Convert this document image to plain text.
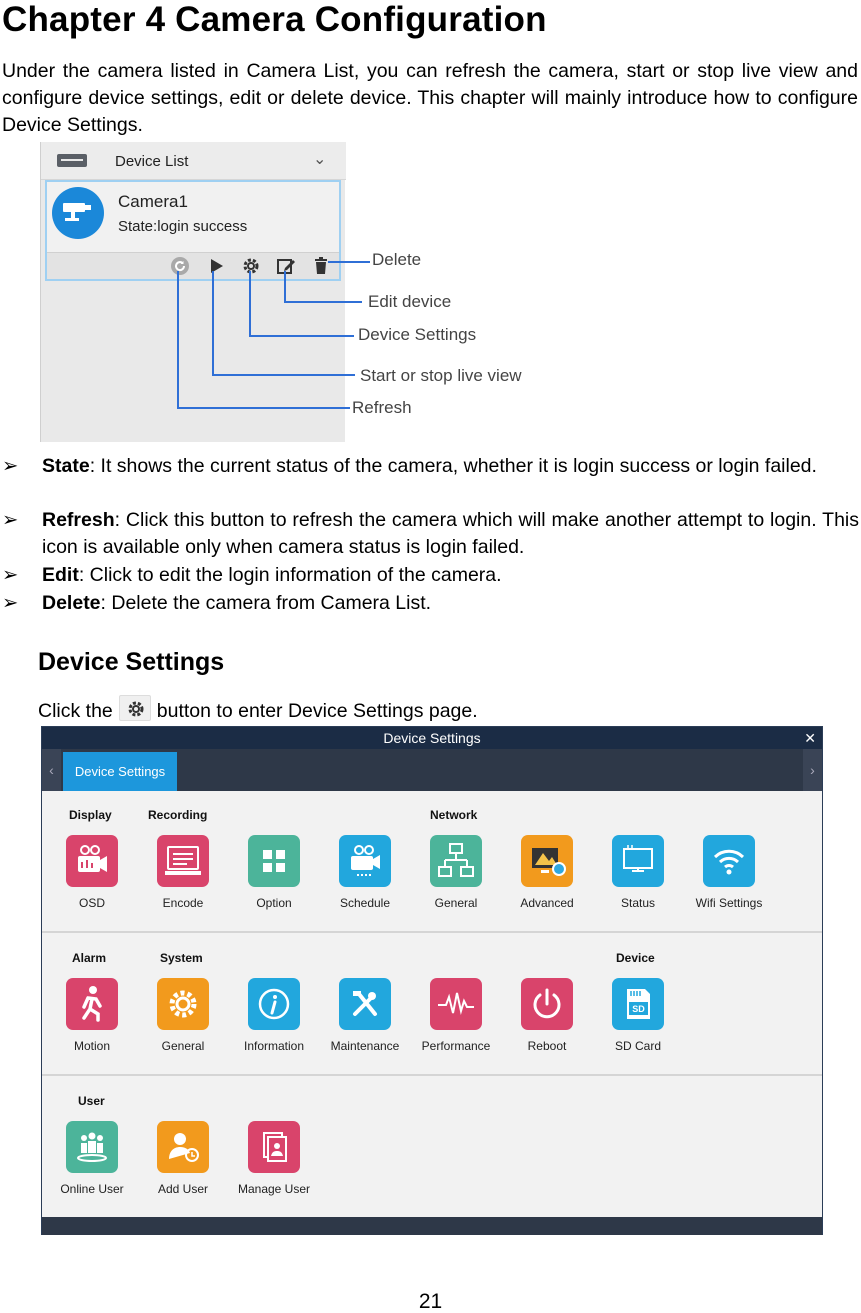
Chapter 4 Camera Configuration

Under the camera listed in Camera List, you can refresh the camera, start or stop live view and configure device settings, edit or delete device. This chapter will mainly introduce how to configure Device Settings.

Device List	⌄
Camera1
State:login success
Delete
Edit device
Device Settings
Start or stop live view
Refresh
➢	State: It shows the current status of the camera, whether it is login success or login failed.
➢	Refresh: Click this button to refresh the camera which will make another attempt to login. This icon is available only when camera status is login failed.
➢	Edit: Click to edit the login information of the camera.
➢	Delete: Delete the camera from Camera List.
Device Settings
Click the button to enter Device Settings page.
Device Settings	✕
‹	Device Settings	›
Display	Recording	Network
OSD	Encode	Option	Schedule	General	Advanced	Status	Wifi Settings
Alarm	System	Device
Motion	General	Information	Maintenance	Performance	Reboot
SD
SD Card
User
Online User	Add User	Manage User
21
